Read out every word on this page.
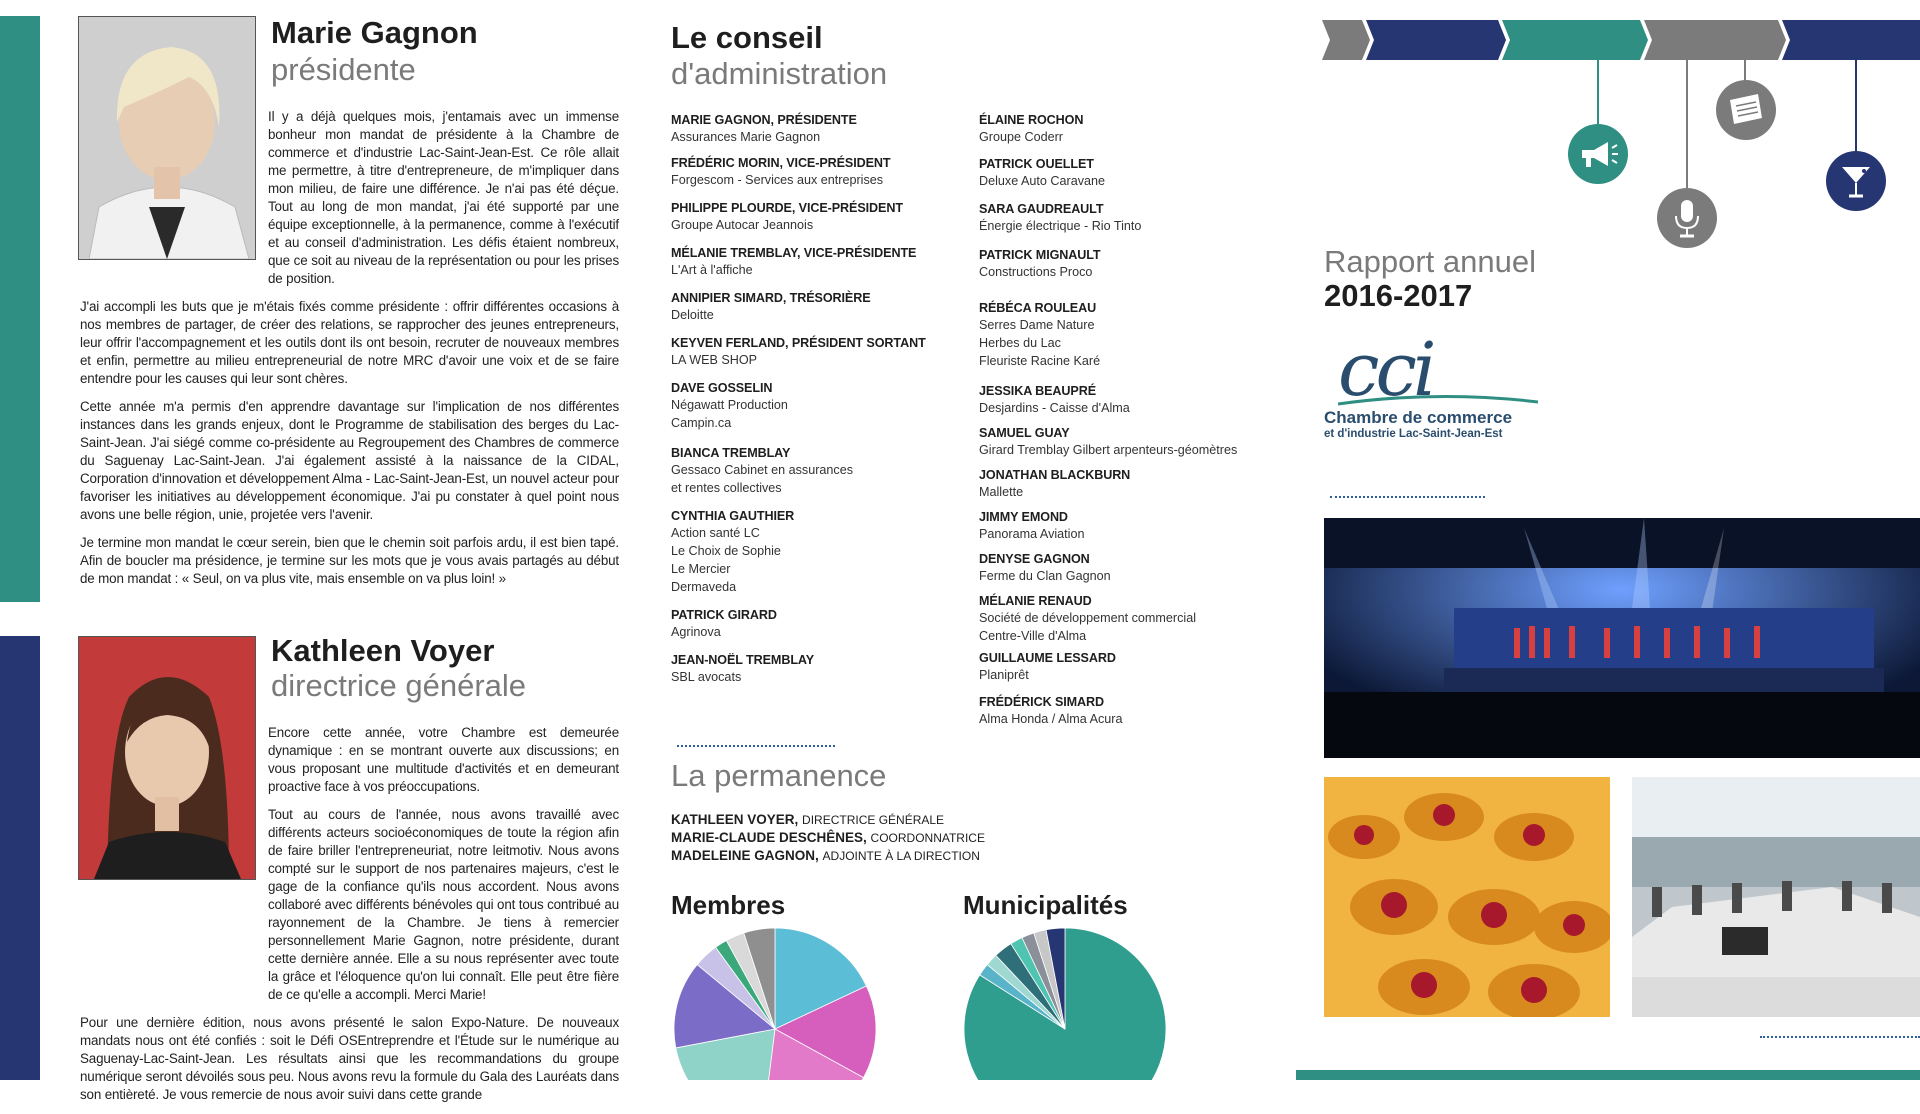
Marie Gagnon
présidente

Il y a déjà quelques mois, j'entamais avec un immense bonheur mon mandat de présidente à la Chambre de commerce et d'industrie Lac-Saint-Jean-Est. Ce rôle allait me permettre, à titre d'entrepreneure, de m'impliquer dans mon milieu, de faire une différence. Je n'ai pas été déçue. Tout au long de mon mandat, j'ai été supporté par une équipe exceptionnelle, à la permanence, comme à l'exécutif et au conseil d'administration. Les défis étaient nombreux, que ce soit au niveau de la représentation ou pour les prises de position.

J'ai accompli les buts que je m'étais fixés comme présidente : offrir différentes occasions à nos membres de partager, de créer des relations, se rapprocher des jeunes entrepreneurs, leur offrir l'accompagnement et les outils dont ils ont besoin, recruter de nouveaux membres et enfin, permettre au milieu entrepreneurial de notre MRC d'avoir une voix et de se faire entendre pour les causes qui leur sont chères.

Cette année m'a permis d'en apprendre davantage sur l'implication de nos différentes instances dans les grands enjeux, dont le Programme de stabilisation des berges du Lac-Saint-Jean. J'ai siégé comme co-présidente au Regroupement des Chambres de commerce du Saguenay Lac-Saint-Jean. J'ai également assisté à la naissance de la CIDAL, Corporation d'innovation et développement Alma - Lac-Saint-Jean-Est, un nouvel acteur pour favoriser les initiatives au développement économique. J'ai pu constater à quel point nous avons une belle région, unie, projetée vers l'avenir.

Je termine mon mandat le cœur serein, bien que le chemin soit parfois ardu, il est bien tapé. Afin de boucler ma présidence, je termine sur les mots que je vous avais partagés au début de mon mandat : « Seul, on va plus vite, mais ensemble on va plus loin! »

Kathleen Voyer
directrice générale

Encore cette année, votre Chambre est demeurée dynamique : en se montrant ouverte aux discussions; en vous proposant une multitude d'activités et en demeurant proactive face à vos préoccupations.

Tout au cours de l'année, nous avons travaillé avec différents acteurs socioéconomiques de toute la région afin de faire briller l'entrepreneuriat, notre leitmotiv. Nous avons compté sur le support de nos partenaires majeurs, c'est le gage de la confiance qu'ils nous accordent. Nous avons collaboré avec différents bénévoles qui ont tous contribué au rayonnement de la Chambre. Je tiens à remercier personnellement Marie Gagnon, notre présidente, durant cette dernière année. Elle a su nous représenter avec toute la grâce et l'éloquence qu'on lui connaît. Elle peut être fière de ce qu'elle a accompli. Merci Marie!

Pour une dernière édition, nous avons présenté le salon Expo-Nature. De nouveaux mandats nous ont été confiés : soit le Défi OSEntreprendre et l'Étude sur le numérique au Saguenay-Lac-Saint-Jean. Les résultats ainsi que les recommandations du groupe numérique seront dévoilés sous peu. Nous avons revu la formule du Gala des Lauréats dans son entièreté. Je vous remercie de nous avoir suivi dans cette grande

Le conseil
d'administration
MARIE GAGNON, PRÉSIDENTE
Assurances Marie Gagnon
FRÉDÉRIC MORIN, VICE-PRÉSIDENT
Forgescom - Services aux entreprises
PHILIPPE PLOURDE, VICE-PRÉSIDENT
Groupe Autocar Jeannois
MÉLANIE TREMBLAY, VICE-PRÉSIDENTE
L'Art à l'affiche
ANNIPIER SIMARD, TRÉSORIÈRE
Deloitte
KEYVEN FERLAND, PRÉSIDENT SORTANT
LA WEB SHOP
DAVE GOSSELIN
Négawatt Production
Campin.ca
BIANCA TREMBLAY
Gessaco Cabinet en assurances
et rentes collectives
CYNTHIA GAUTHIER
Action santé LC
Le Choix de Sophie
Le Mercier
Dermaveda
PATRICK GIRARD
Agrinova
JEAN-NOËL TREMBLAY
SBL avocats
ÉLAINE ROCHON
Groupe Coderr
PATRICK OUELLET
Deluxe Auto Caravane
SARA GAUDREAULT
Énergie électrique - Rio Tinto
PATRICK MIGNAULT
Constructions Proco
RÉBÉCA ROULEAU
Serres Dame Nature
Herbes du Lac
Fleuriste Racine Karé
JESSIKA BEAUPRÉ
Desjardins - Caisse d'Alma
SAMUEL GUAY
Girard Tremblay Gilbert arpenteurs-géomètres
JONATHAN BLACKBURN
Mallette
JIMMY EMOND
Panorama Aviation
DENYSE GAGNON
Ferme du Clan Gagnon
MÉLANIE RENAUD
Société de développement commercial
Centre-Ville d'Alma
GUILLAUME LESSARD
Planiprêt
FRÉDÉRICK SIMARD
Alma Honda / Alma Acura
La permanence
KATHLEEN VOYER, DIRECTRICE GÉNÉRALE
MARIE-CLAUDE DESCHÊNES, COORDONNATRICE
MADELEINE GAGNON, ADJOINTE À LA DIRECTION
Membres	Municipalités
Rapport annuel
2016-2017
cci
Chambre de commerce
et d'industrie Lac-Saint-Jean-Est
